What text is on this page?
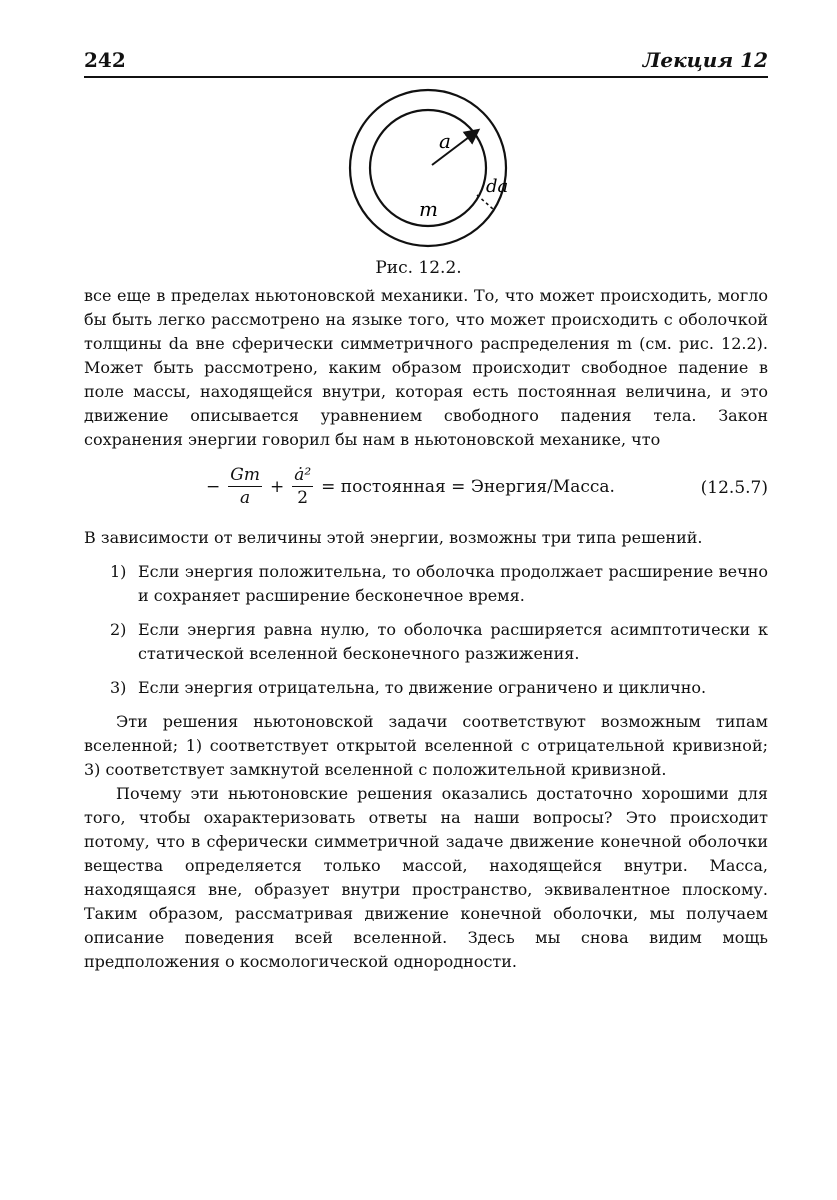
242	Лекция 12
a
m
da
Рис. 12.2.

все еще в пределах ньютоновской механики. То, что может происходить, могло бы быть легко рассмотрено на языке того, что может происходить с оболочкой толщины da вне сферически симметричного распределения m (см. рис. 12.2). Может быть рассмотрено, каким образом происходит свободное падение в поле массы, находящейся внутри, которая есть постоянная величина, и это движение описывается уравнением свободного падения тела. Закон сохранения энергии говорил бы нам в ньютоновской механике, что

− $\frac{Gm}{a} + \frac{\text{ȧ²}}{2}$ = постоянная = Энергия/Масса.	(12.5.7)

В зависимости от величины этой энергии, возможны три типа решений.

1) Если энергия положительна, то оболочка продолжает расширение вечно и сохраняет расширение бесконечное время.
2) Если энергия равна нулю, то оболочка расширяется асимптотически к статической вселенной бесконечного разжижения.
3) Если энергия отрицательна, то движение ограничено и циклично.

Эти решения ньютоновской задачи соответствуют возможным типам вселенной; 1) соответствует открытой вселенной с отрицательной кривизной; 3) соответствует замкнутой вселенной с положительной кривизной.

Почему эти ньютоновские решения оказались достаточно хорошими для того, чтобы охарактеризовать ответы на наши вопросы? Это происходит потому, что в сферически симметричной задаче движение конечной оболочки вещества определяется только массой, находящейся внутри. Масса, находящаяся вне, образует внутри пространство, эквивалентное плоскому. Таким образом, рассматривая движение конечной оболочки, мы получаем описание поведения всей вселенной. Здесь мы снова видим мощь предположения о космологической однородности.
